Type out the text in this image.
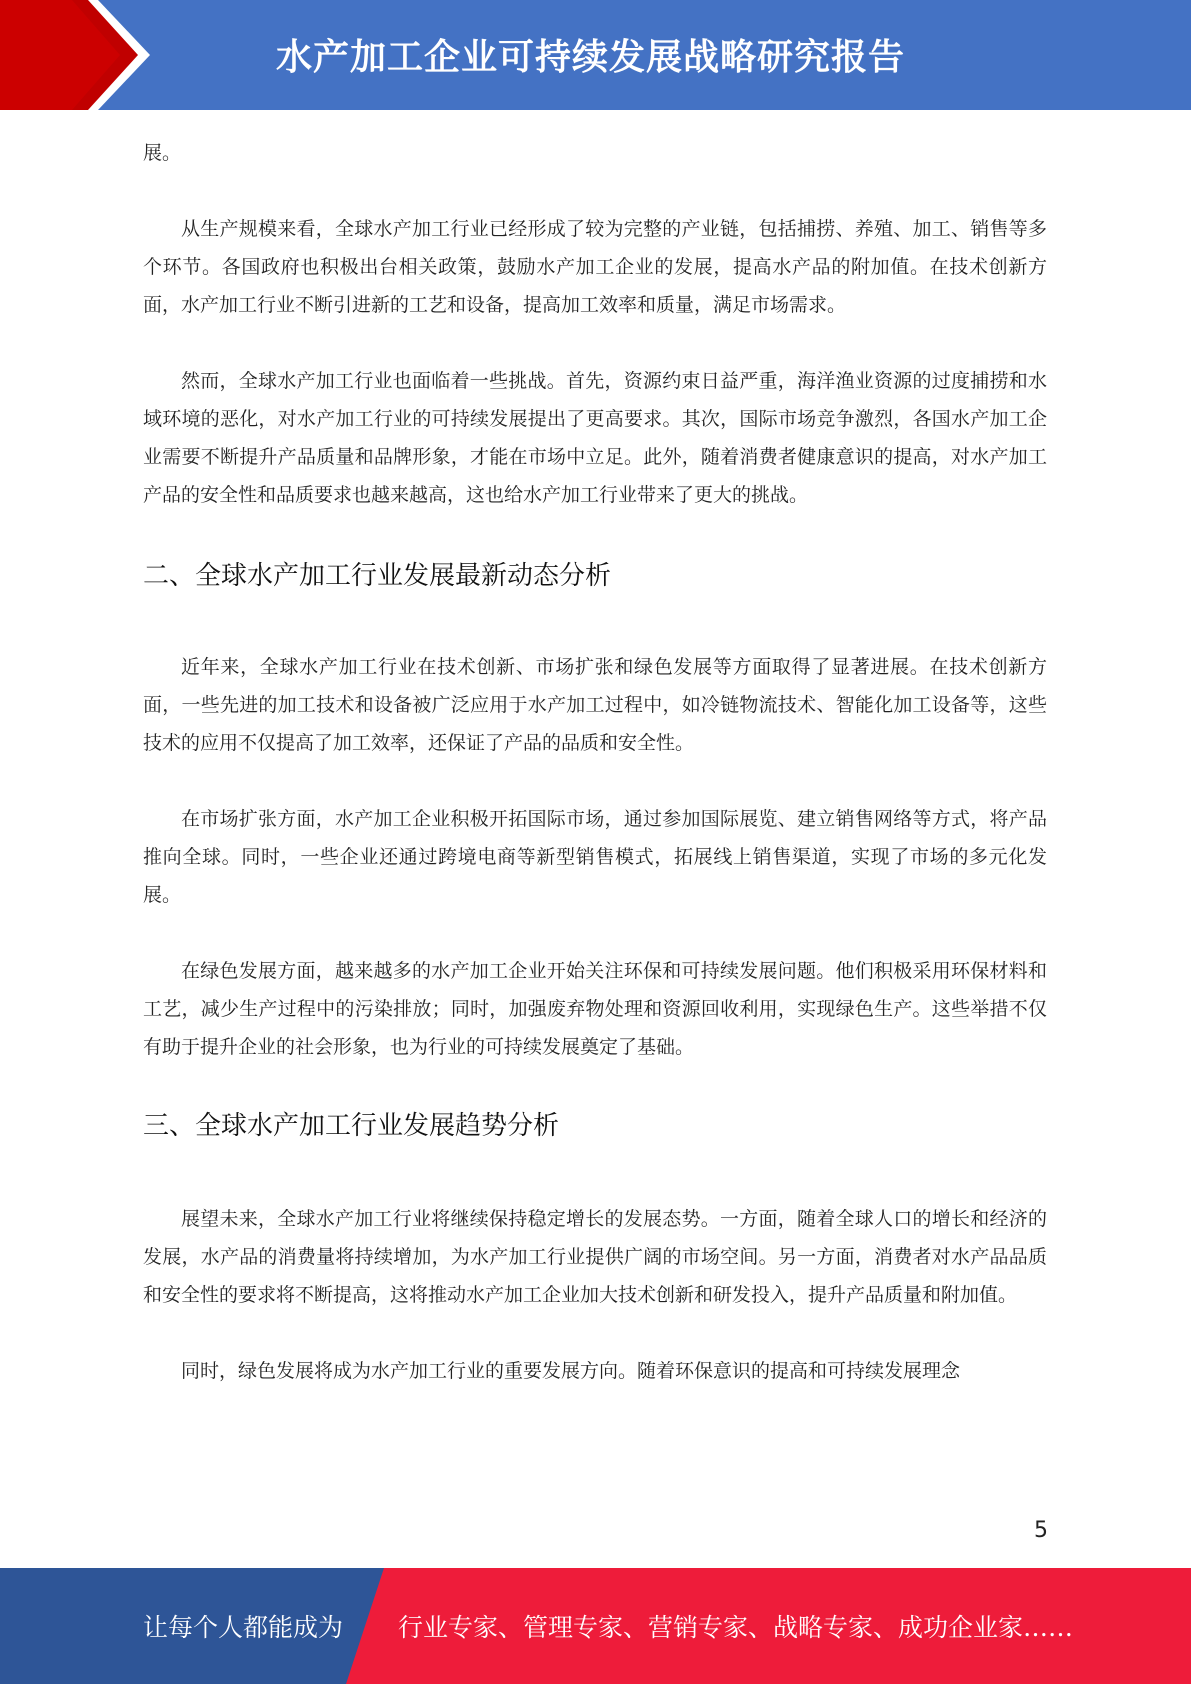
水产加工企业可持续发展战略研究报告

展。

从生产规模来看，全球水产加工行业已经形成了较为完整的产业链，包括捕捞、养殖、加工、销售等多个环节。各国政府也积极出台相关政策，鼓励水产加工企业的发展，提高水产品的附加值。在技术创新方面，水产加工行业不断引进新的工艺和设备，提高加工效率和质量，满足市场需求。

然而，全球水产加工行业也面临着一些挑战。首先，资源约束日益严重，海洋渔业资源的过度捕捞和水域环境的恶化，对水产加工行业的可持续发展提出了更高要求。其次，国际市场竞争激烈，各国水产加工企业需要不断提升产品质量和品牌形象，才能在市场中立足。此外，随着消费者健康意识的提高，对水产加工产品的安全性和品质要求也越来越高，这也给水产加工行业带来了更大的挑战。

二、全球水产加工行业发展最新动态分析

近年来，全球水产加工行业在技术创新、市场扩张和绿色发展等方面取得了显著进展。在技术创新方面，一些先进的加工技术和设备被广泛应用于水产加工过程中，如冷链物流技术、智能化加工设备等，这些技术的应用不仅提高了加工效率，还保证了产品的品质和安全性。

在市场扩张方面，水产加工企业积极开拓国际市场，通过参加国际展览、建立销售网络等方式，将产品推向全球。同时，一些企业还通过跨境电商等新型销售模式，拓展线上销售渠道，实现了市场的多元化发展。

在绿色发展方面，越来越多的水产加工企业开始关注环保和可持续发展问题。他们积极采用环保材料和工艺，减少生产过程中的污染排放；同时，加强废弃物处理和资源回收利用，实现绿色生产。这些举措不仅有助于提升企业的社会形象，也为行业的可持续发展奠定了基础。

三、全球水产加工行业发展趋势分析

展望未来，全球水产加工行业将继续保持稳定增长的发展态势。一方面，随着全球人口的增长和经济的发展，水产品的消费量将持续增加，为水产加工行业提供广阔的市场空间。另一方面，消费者对水产品品质和安全性的要求将不断提高，这将推动水产加工企业加大技术创新和研发投入，提升产品质量和附加值。

同时，绿色发展将成为水产加工行业的重要发展方向。随着环保意识的提高和可持续发展理念

5
让每个人都能成为 行业专家、管理专家、营销专家、战略专家、成功企业家……
